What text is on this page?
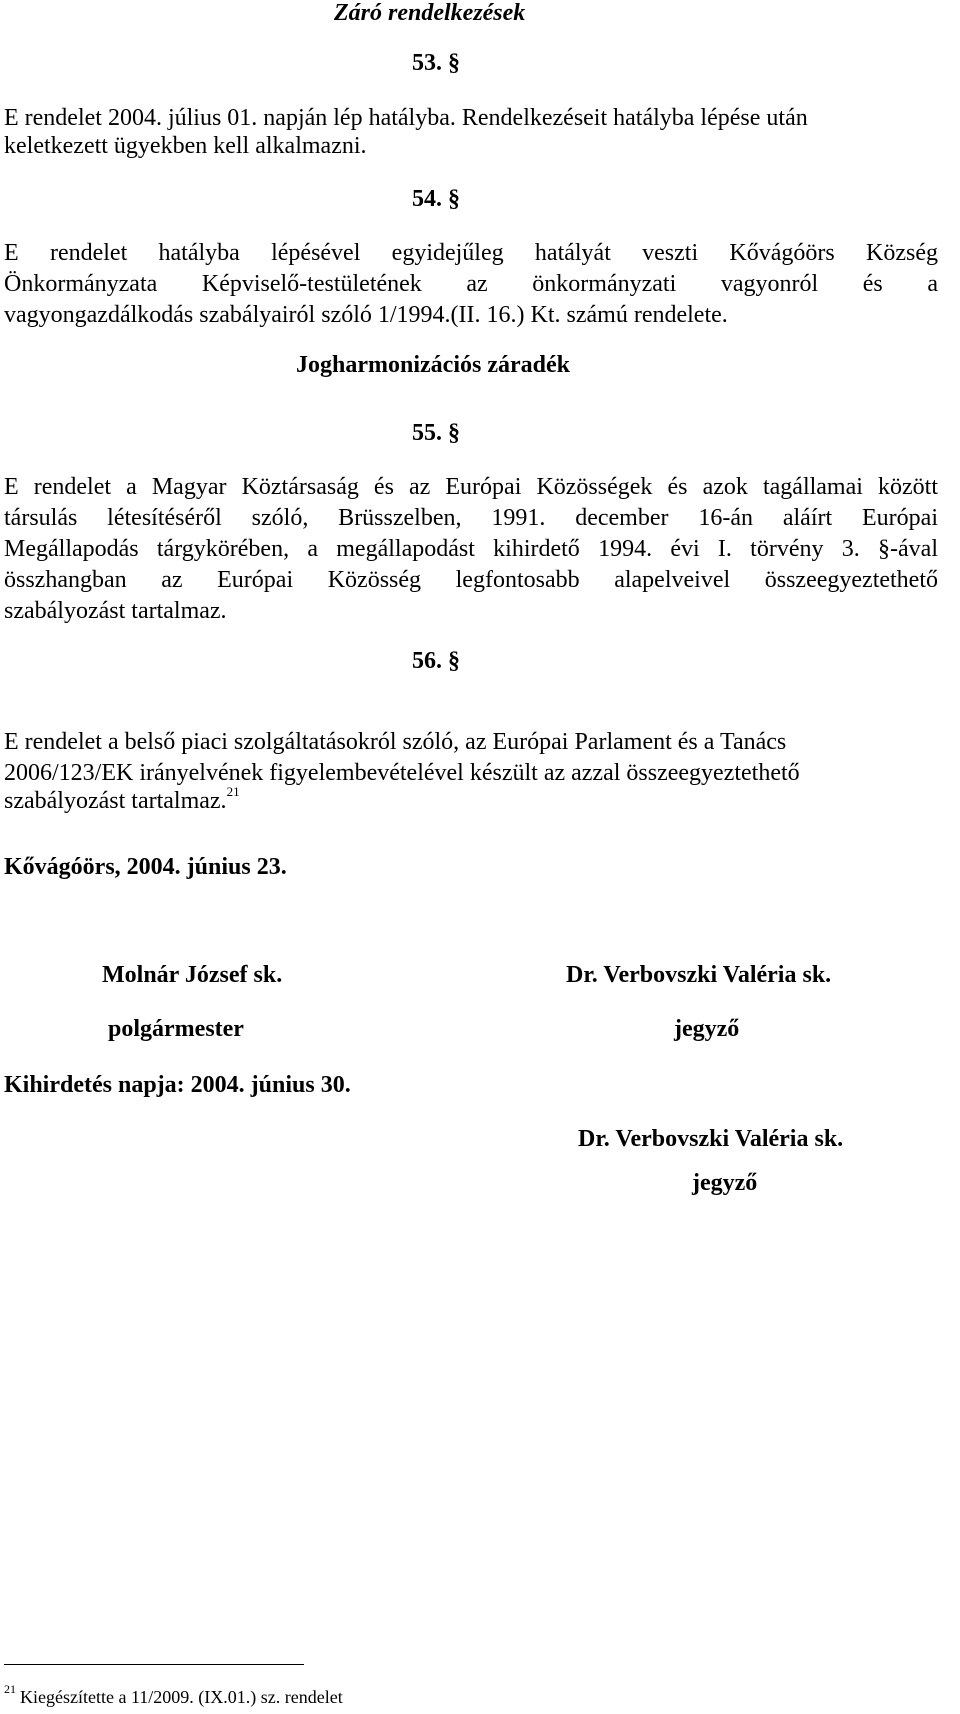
Záró rendelkezések
53. §
E rendelet 2004. július 01. napján lép hatályba. Rendelkezéseit hatályba lépése után
keletkezett ügyekben kell alkalmazni.
54. §
E rendelet hatályba lépésével egyidejűleg hatályát veszti Kővágóörs Község
Önkormányzata Képviselő-testületének az önkormányzati vagyonról és a
vagyongazdálkodás szabályairól szóló 1/1994.(II. 16.) Kt. számú rendelete.
Jogharmonizációs záradék
55. §
E rendelet a Magyar Köztársaság és az Európai Közösségek és azok tagállamai között
társulás létesítéséről szóló, Brüsszelben, 1991. december 16-án aláírt Európai
Megállapodás tárgykörében, a megállapodást kihirdető 1994. évi I. törvény 3. §-ával
összhangban az Európai Közösség legfontosabb alapelveivel összeegyeztethető
szabályozást tartalmaz.
56. §
E rendelet a belső piaci szolgáltatásokról szóló, az Európai Parlament és a Tanács
2006/123/EK irányelvének figyelembevételével készült az azzal összeegyeztethető
szabályozást tartalmaz.$^{21}$
Kővágóörs, 2004. június 23.
Molnár József sk.	Dr. Verbovszki Valéria sk.
polgármester	jegyző
Kihirdetés napja: 2004. június 30.
Dr. Verbovszki Valéria sk.
jegyző
$^{21}$ Kiegészítette a 11/2009. (IX.01.) sz. rendelet
